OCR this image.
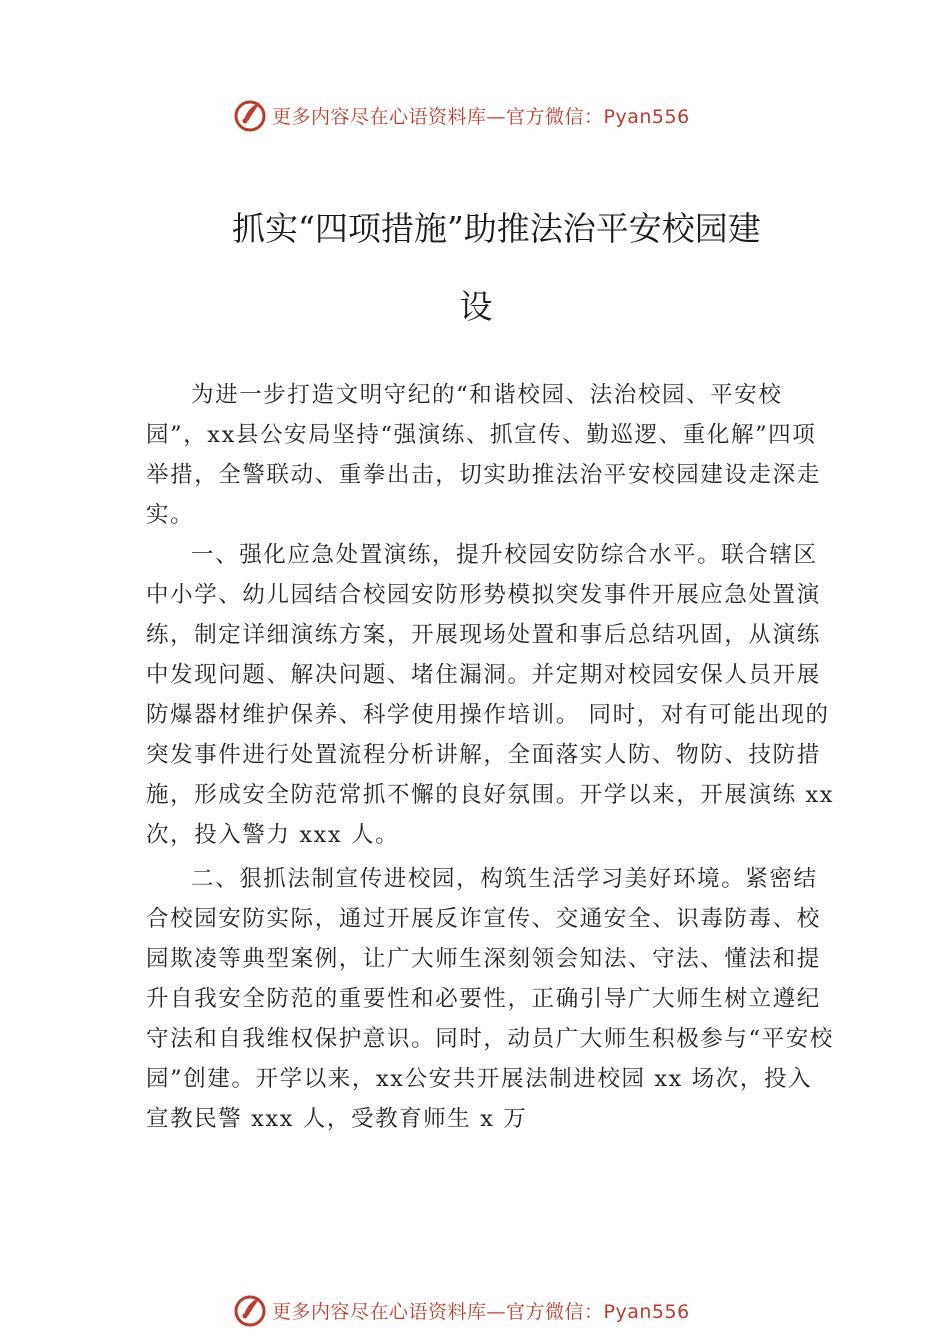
更多内容尽在心语资料库—官方微信：Pyan556
抓实“四项措施”助推法治平安校园建
设

为进一步打造文明守纪的“和谐校园、法治校园、平安校园”，xx县公安局坚持“强演练、抓宣传、勤巡逻、重化解”四项举措，全警联动、重拳出击，切实助推法治平安校园建设走深走实。

一、强化应急处置演练，提升校园安防综合水平。联合辖区中小学、幼儿园结合校园安防形势模拟突发事件开展应急处置演练，制定详细演练方案，开展现场处置和事后总结巩固，从演练中发现问题、解决问题、堵住漏洞。并定期对校园安保人员开展防爆器材维护保养、科学使用操作培训。 同时，对有可能出现的突发事件进行处置流程分析讲解，全面落实人防、物防、技防措施，形成安全防范常抓不懈的良好氛围。开学以来，开展演练 xx 次，投入警力 xxx 人。

二、狠抓法制宣传进校园，构筑生活学习美好环境。紧密结合校园安防实际，通过开展反诈宣传、交通安全、识毒防毒、校园欺凌等典型案例，让广大师生深刻领会知法、守法、懂法和提升自我安全防范的重要性和必要性，正确引导广大师生树立遵纪守法和自我维权保护意识。同时，动员广大师生积极参与“平安校园”创建。开学以来，xx公安共开展法制进校园 xx 场次，投入宣教民警 xxx 人，受教育师生 x 万

更多内容尽在心语资料库—官方微信：Pyan556
